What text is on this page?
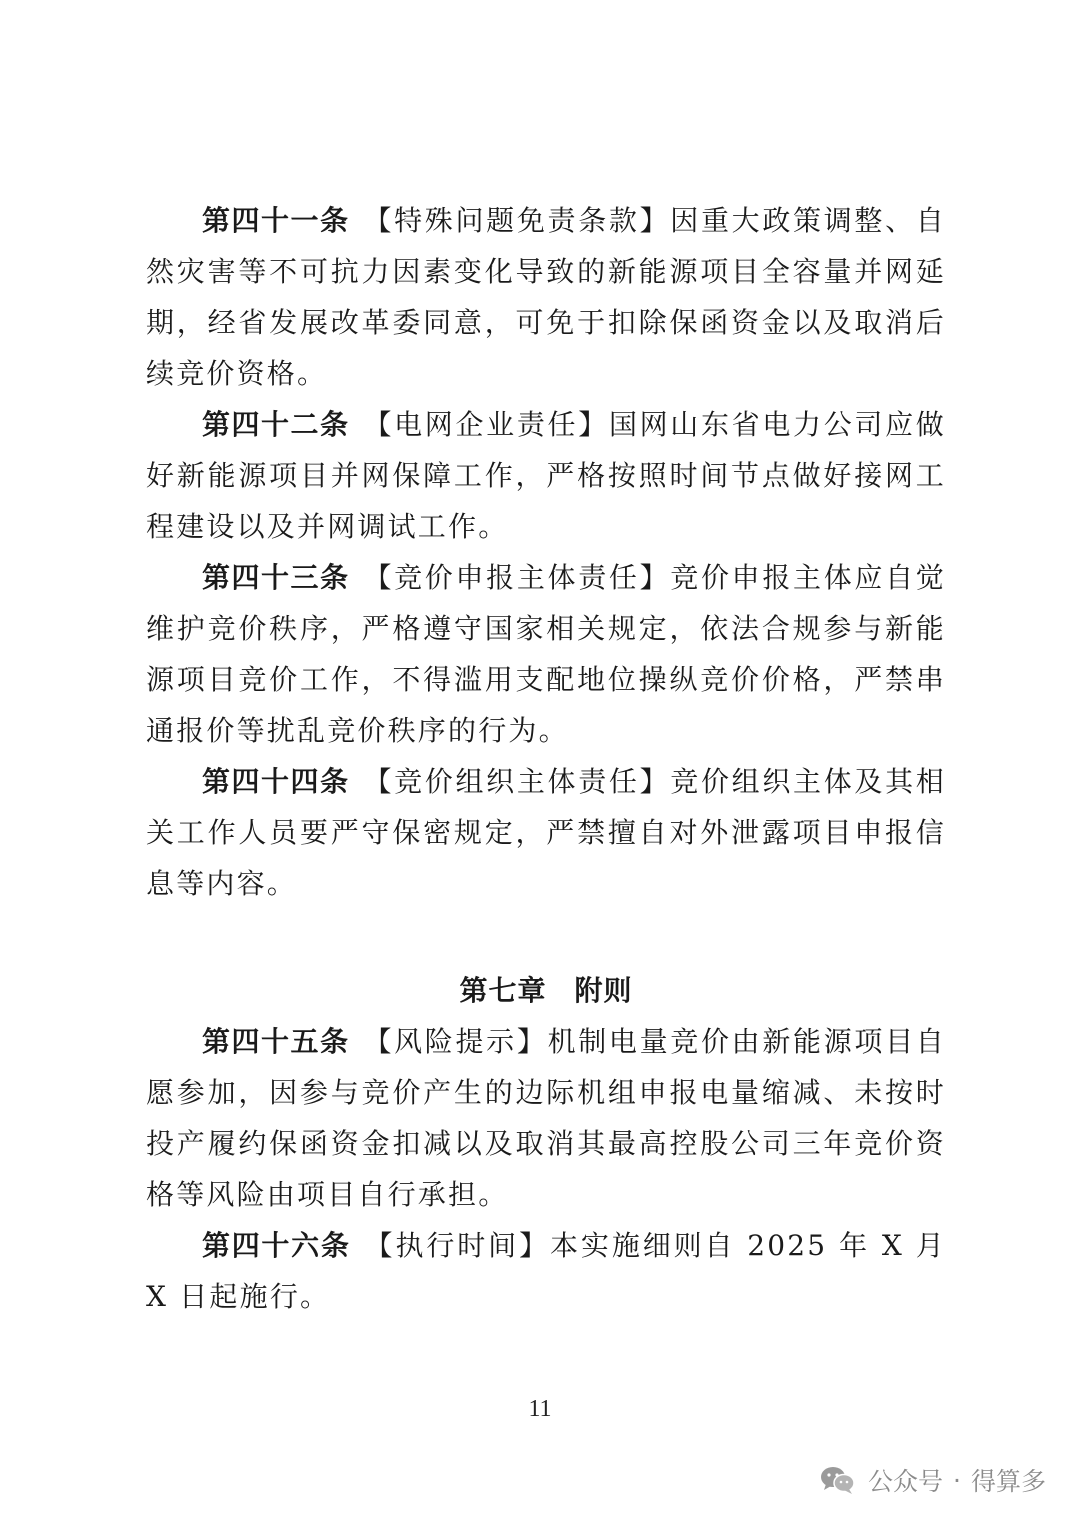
第四十一条 【特殊问题免责条款】因重大政策调整、自然灾害等不可抗力因素变化导致的新能源项目全容量并网延期，经省发展改革委同意，可免于扣除保函资金以及取消后续竞价资格。

第四十二条 【电网企业责任】国网山东省电力公司应做好新能源项目并网保障工作，严格按照时间节点做好接网工程建设以及并网调试工作。

第四十三条 【竞价申报主体责任】竞价申报主体应自觉维护竞价秩序，严格遵守国家相关规定，依法合规参与新能源项目竞价工作，不得滥用支配地位操纵竞价价格，严禁串通报价等扰乱竞价秩序的行为。

第四十四条 【竞价组织主体责任】竞价组织主体及其相关工作人员要严守保密规定，严禁擅自对外泄露项目申报信息等内容。

第七章 附则

第四十五条 【风险提示】机制电量竞价由新能源项目自愿参加，因参与竞价产生的边际机组申报电量缩减、未按时投产履约保函资金扣减以及取消其最高控股公司三年竞价资格等风险由项目自行承担。

第四十六条 【执行时间】本实施细则自 2025 年 X 月 X 日起施行。

11
公众号 · 得算多
